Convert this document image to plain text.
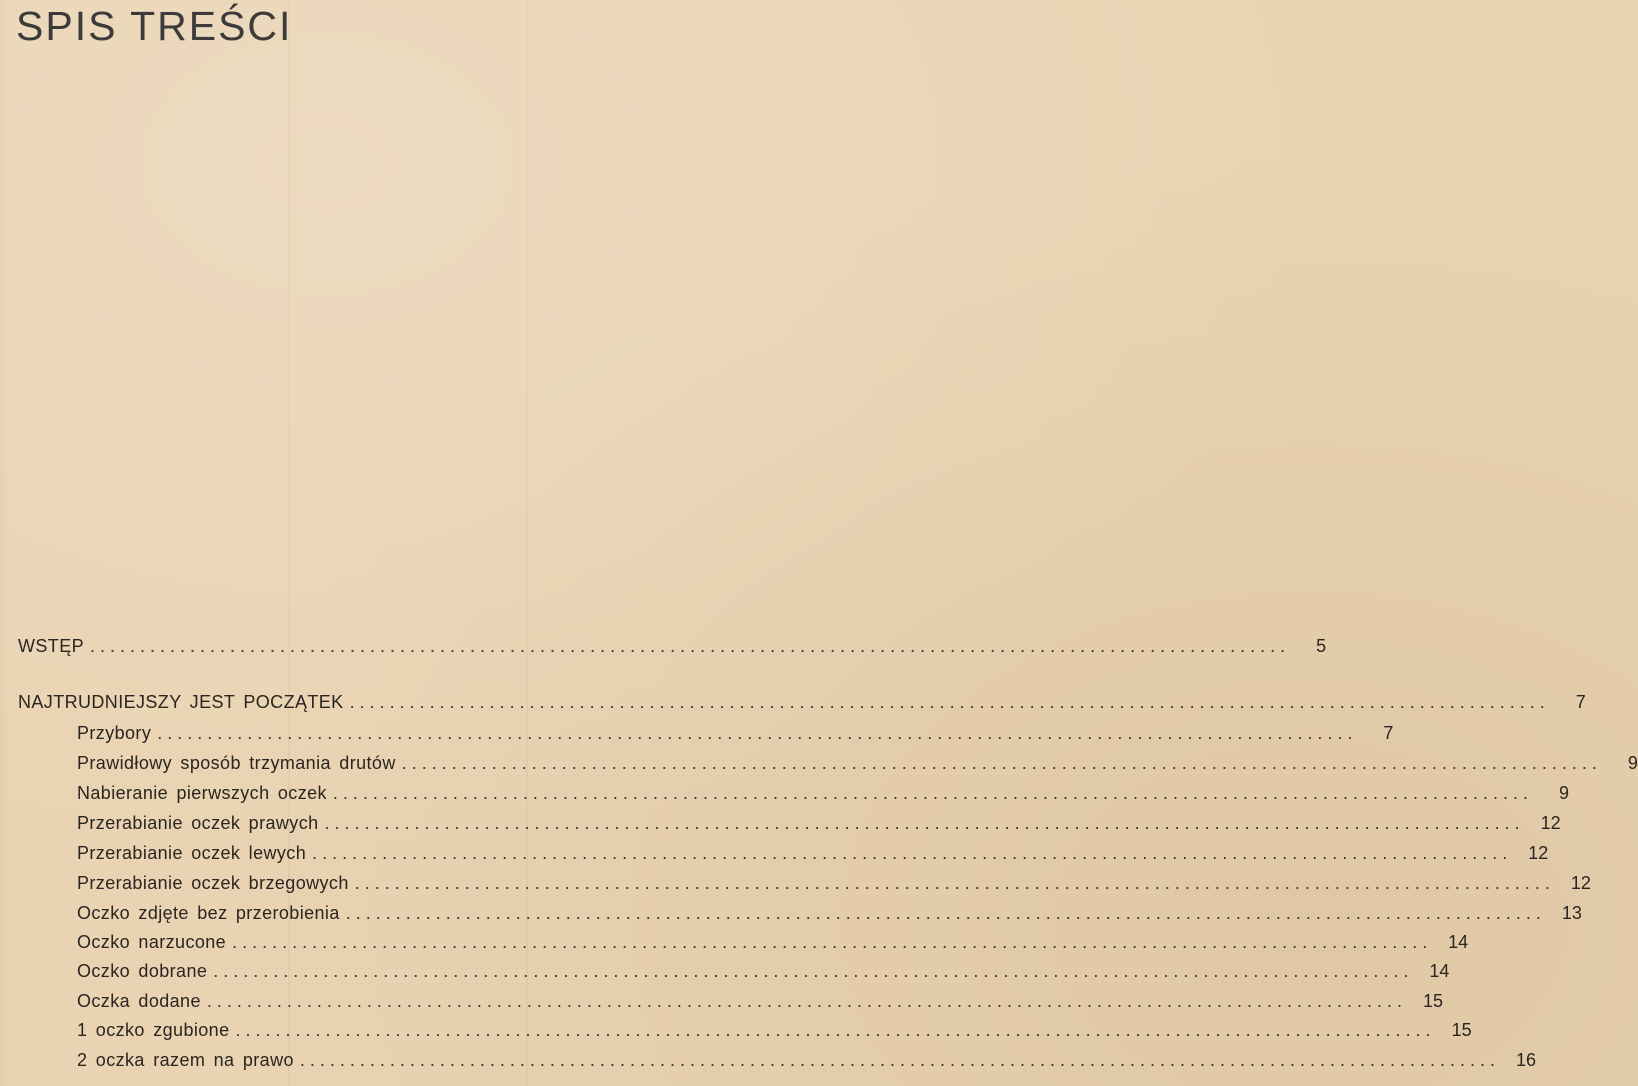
SPIS TREŚCI
WSTĘP ........................................................................................................................	5
NAJTRUDNIEJSZY JEST POCZĄTEK ........................................................................................................................	7
Przybory ........................................................................................................................	7
Prawidłowy sposób trzymania drutów ........................................................................................................................	9
Nabieranie pierwszych oczek ........................................................................................................................	9
Przerabianie oczek prawych ........................................................................................................................ 12
Przerabianie oczek lewych ........................................................................................................................ 12
Przerabianie oczek brzegowych ........................................................................................................................ 12
Oczko zdjęte bez przerobienia ........................................................................................................................ 13
Oczko narzucone ........................................................................................................................ 14
Oczko dobrane ........................................................................................................................ 14
Oczka dodane ........................................................................................................................ 15
1 oczko zgubione ........................................................................................................................ 15
2 oczka razem na prawo ........................................................................................................................ 16
